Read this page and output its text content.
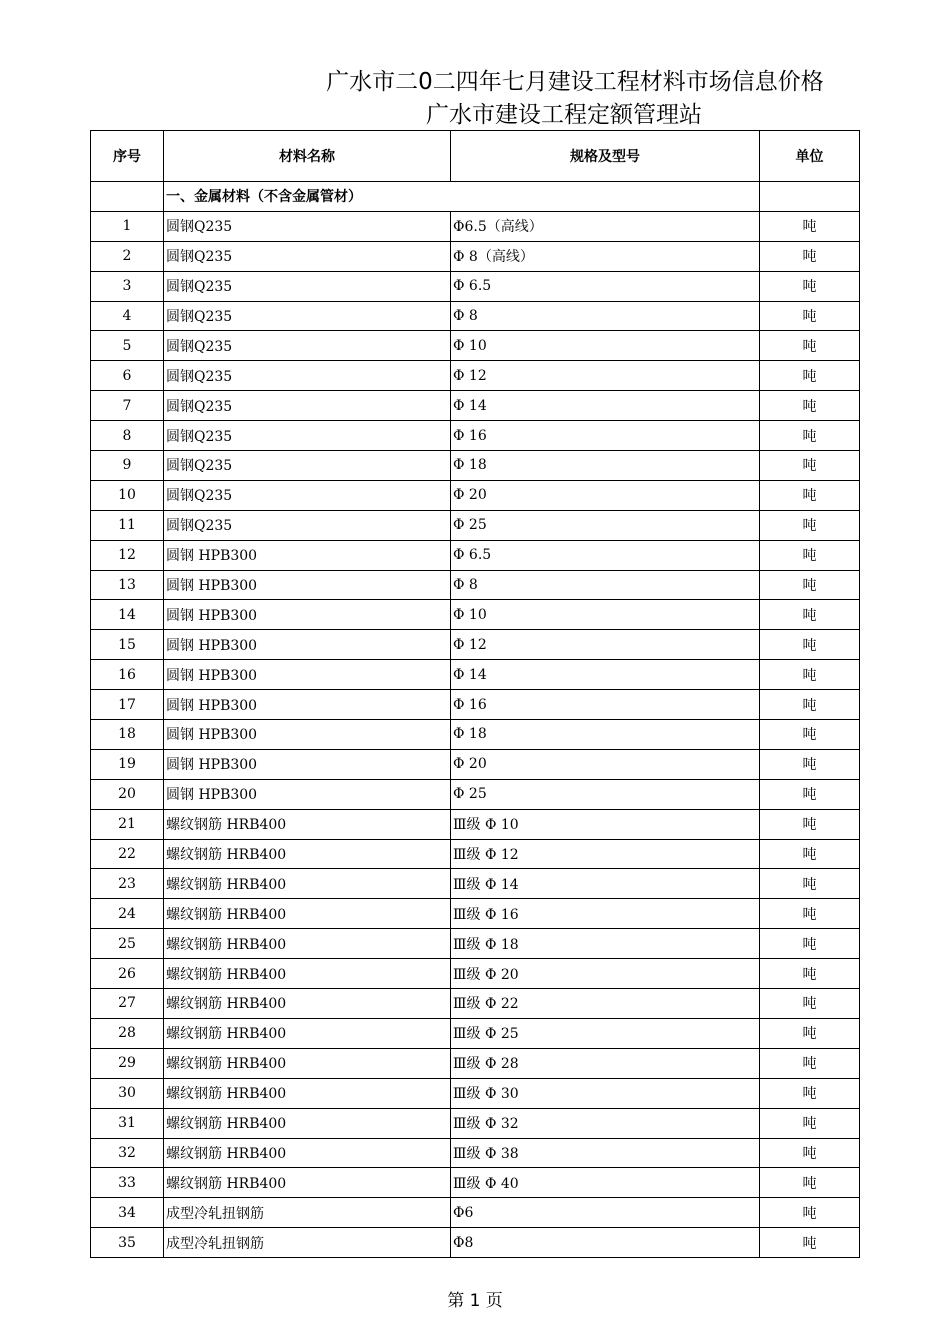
广水市二0二四年七月建设工程材料市场信息价格
广水市建设工程定额管理站
序号	材料名称	规格及型号	单位
	一、金属材料（不含金属管材）		
1	圆钢Q235	Φ6.5（高线）	吨
2	圆钢Q235	Φ 8（高线）	吨
3	圆钢Q235	Φ 6.5	吨
4	圆钢Q235	Φ 8	吨
5	圆钢Q235	Φ 10	吨
6	圆钢Q235	Φ 12	吨
7	圆钢Q235	Φ 14	吨
8	圆钢Q235	Φ 16	吨
9	圆钢Q235	Φ 18	吨
10	圆钢Q235	Φ 20	吨
11	圆钢Q235	Φ 25	吨
12	圆钢 HPB300	Φ 6.5	吨
13	圆钢 HPB300	Φ 8	吨
14	圆钢 HPB300	Φ 10	吨
15	圆钢 HPB300	Φ 12	吨
16	圆钢 HPB300	Φ 14	吨
17	圆钢 HPB300	Φ 16	吨
18	圆钢 HPB300	Φ 18	吨
19	圆钢 HPB300	Φ 20	吨
20	圆钢 HPB300	Φ 25	吨
21	螺纹钢筋 HRB400	Ⅲ级 Φ 10	吨
22	螺纹钢筋 HRB400	Ⅲ级 Φ 12	吨
23	螺纹钢筋 HRB400	Ⅲ级 Φ 14	吨
24	螺纹钢筋 HRB400	Ⅲ级 Φ 16	吨
25	螺纹钢筋 HRB400	Ⅲ级 Φ 18	吨
26	螺纹钢筋 HRB400	Ⅲ级 Φ 20	吨
27	螺纹钢筋 HRB400	Ⅲ级 Φ 22	吨
28	螺纹钢筋 HRB400	Ⅲ级 Φ 25	吨
29	螺纹钢筋 HRB400	Ⅲ级 Φ 28	吨
30	螺纹钢筋 HRB400	Ⅲ级 Φ 30	吨
31	螺纹钢筋 HRB400	Ⅲ级 Φ 32	吨
32	螺纹钢筋 HRB400	Ⅲ级 Φ 38	吨
33	螺纹钢筋 HRB400	Ⅲ级 Φ 40	吨
34	成型冷轧扭钢筋	Φ6	吨
35	成型冷轧扭钢筋	Φ8	吨
第 1 页
